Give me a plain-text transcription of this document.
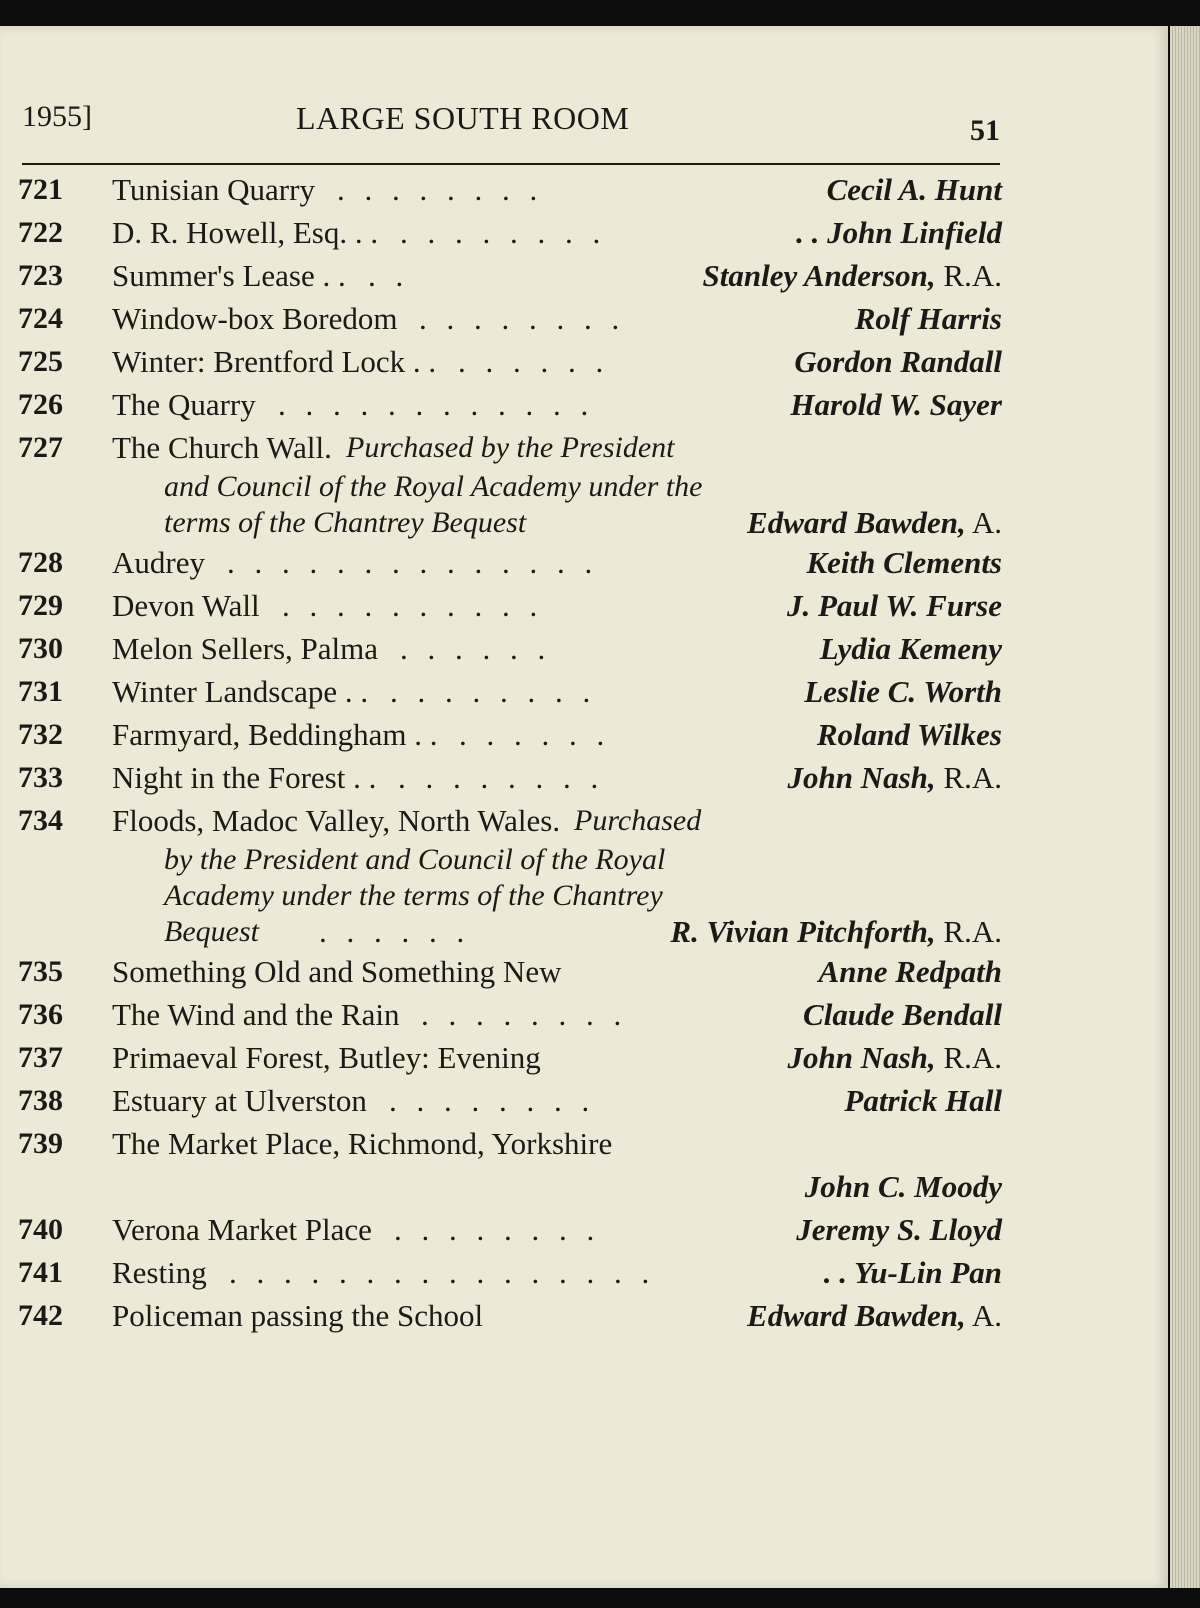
1955]	LARGE SOUTH ROOM	51
721	Tunisian Quarry . . . . . . . .	Cecil A. Hunt
722	D. R. Howell, Esq. . . . . . . . . . .	. . John Linfield
723	Summer's Lease . . . .	Stanley Anderson, R.A.
724	Window-box Boredom . . . . . . . .	Rolf Harris
725	Winter: Brentford Lock . . . . . . . .	Gordon Randall
726	The Quarry . . . . . . . . . . . .	Harold W. Sayer
727	The Church Wall. Purchased by the President
and Council of the Royal Academy under the
terms of the Chantrey Bequest	Edward Bawden, A.
728	Audrey . . . . . . . . . . . . . .	Keith Clements
729	Devon Wall . . . . . . . . . .	J. Paul W. Furse
730	Melon Sellers, Palma . . . . . .	Lydia Kemeny
731	Winter Landscape . . . . . . . . . .	Leslie C. Worth
732	Farmyard, Beddingham . . . . . . . .	Roland Wilkes
733	Night in the Forest . . . . . . . . . .	John Nash, R.A.
734	Floods, Madoc Valley, North Wales. Purchased
by the President and Council of the Royal
Academy under the terms of the Chantrey
Bequest . . . . . .	R. Vivian Pitchforth, R.A.
735	Something Old and Something New	Anne Redpath
736	The Wind and the Rain . . . . . . . .	Claude Bendall
737	Primaeval Forest, Butley: Evening	John Nash, R.A.
738	Estuary at Ulverston . . . . . . . .	Patrick Hall
739	The Market Place, Richmond, Yorkshire
John C. Moody
740	Verona Market Place . . . . . . . .	Jeremy S. Lloyd
741	Resting . . . . . . . . . . . . . . . .	. . Yu-Lin Pan
742	Policeman passing the School	Edward Bawden, A.
